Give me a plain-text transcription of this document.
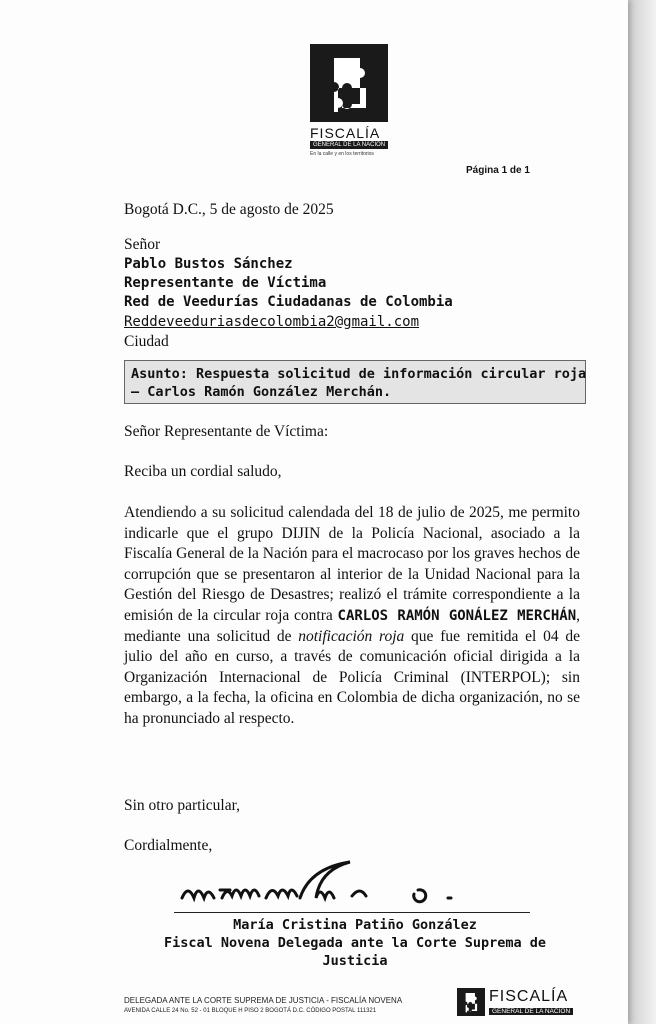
FISCALÍA
GENERAL DE LA NACIÓN
En la calle y en los territorios
Página 1 de 1
Bogotá D.C., 5 de agosto de 2025
Señor
Pablo Bustos Sánchez
Representante de Víctima
Red de Veedurías Ciudadanas de Colombia
Reddeveeduriasdecolombia2@gmail.com
Ciudad
Asunto: Respuesta solicitud de información circular roja
– Carlos Ramón González Merchán.
Señor Representante de Víctima:
Reciba un cordial saludo,
Atendiendo a su solicitud calendada del 18 de julio de 2025, me permito indicarle que el grupo DIJIN de la Policía Nacional, asociado a la Fiscalía General de la Nación para el macrocaso por los graves hechos de corrupción que se presentaron al interior de la Unidad Nacional para la Gestión del Riesgo de Desastres; realizó el trámite correspondiente a la emisión de la circular roja contra CARLOS RAMÓN GONÁLEZ MERCHÁN, mediante una solicitud de notificación roja que fue remitida el 04 de julio del año en curso, a través de comunicación oficial dirigida a la Organización Internacional de Policía Criminal (INTERPOL); sin embargo, a la fecha, la oficina en Colombia de dicha organización, no se ha pronunciado al respecto.
Sin otro particular,
Cordialmente,
María Cristina Patiño González
Fiscal Novena Delegada ante la Corte Suprema de
Justicia
DELEGADA ANTE LA CORTE SUPREMA DE JUSTICIA - FISCALÍA NOVENA
AVENIDA CALLE 24 No. 52 - 01 BLOQUE H PISO 2 BOGOTÁ D.C. CÓDIGO POSTAL 111321
FISCALÍA
GENERAL DE LA NACIÓN
